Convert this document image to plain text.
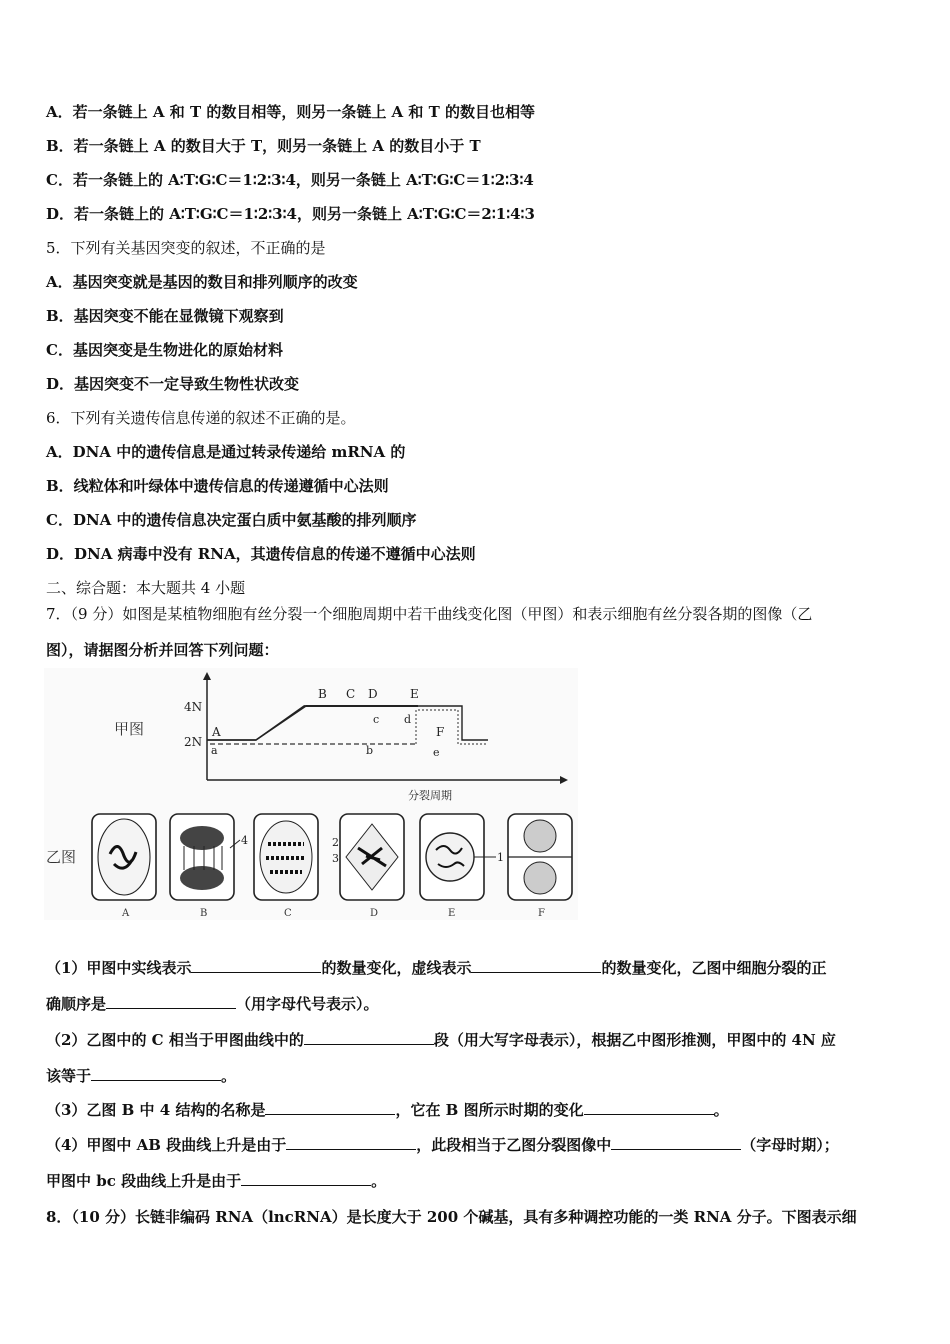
A．若一条链上 A 和 T 的数目相等，则另一条链上 A 和 T 的数目也相等
B．若一条链上 A 的数目大于 T，则另一条链上 A 的数目小于 T
C．若一条链上的 A∶T∶G∶C＝1∶2∶3∶4，则另一条链上 A∶T∶G∶C＝1∶2∶3∶4
D．若一条链上的 A∶T∶G∶C＝1∶2∶3∶4，则另一条链上 A∶T∶G∶C＝2∶1∶4∶3
5．下列有关基因突变的叙述，不正确的是
A．基因突变就是基因的数目和排列顺序的改变
B．基因突变不能在显微镜下观察到
C．基因突变是生物进化的原始材料
D．基因突变不一定导致生物性状改变
6．下列有关遗传信息传递的叙述不正确的是。
A．DNA 中的遗传信息是通过转录传递给 mRNA 的
B．线粒体和叶绿体中遗传信息的传递遵循中心法则
C．DNA 中的遗传信息决定蛋白质中氨基酸的排列顺序
D．DNA 病毒中没有 RNA，其遗传信息的传递不遵循中心法则
二、综合题：本大题共 4 小题
7．（9 分）如图是某植物细胞有丝分裂一个细胞周期中若干曲线变化图（甲图）和表示细胞有丝分裂各期的图像（乙
图），请据图分析并回答下列问题：
甲图
4N
2N
分裂周期
A
B C D	E
F
a	b
c d
e
乙图
4	2
3	1
A	B	C	D	E	F
（1）甲图中实线表示	的数量变化，虚线表示	的数量变化，乙图中细胞分裂的正
确顺序是	（用字母代号表示）。
（2）乙图中的 C 相当于甲图曲线中的	段（用大写字母表示），根据乙中图形推测，甲图中的 4N 应
该等于	。
（3）乙图 B 中 4 结构的名称是	，它在 B 图所示时期的变化	。
（4）甲图中 AB 段曲线上升是由于	，此段相当于乙图分裂图像中	（字母时期）；
甲图中 bc 段曲线上升是由于	。
8．（10 分）长链非编码 RNA（lncRNA）是长度大于 200 个碱基，具有多种调控功能的一类 RNA 分子。下图表示细
